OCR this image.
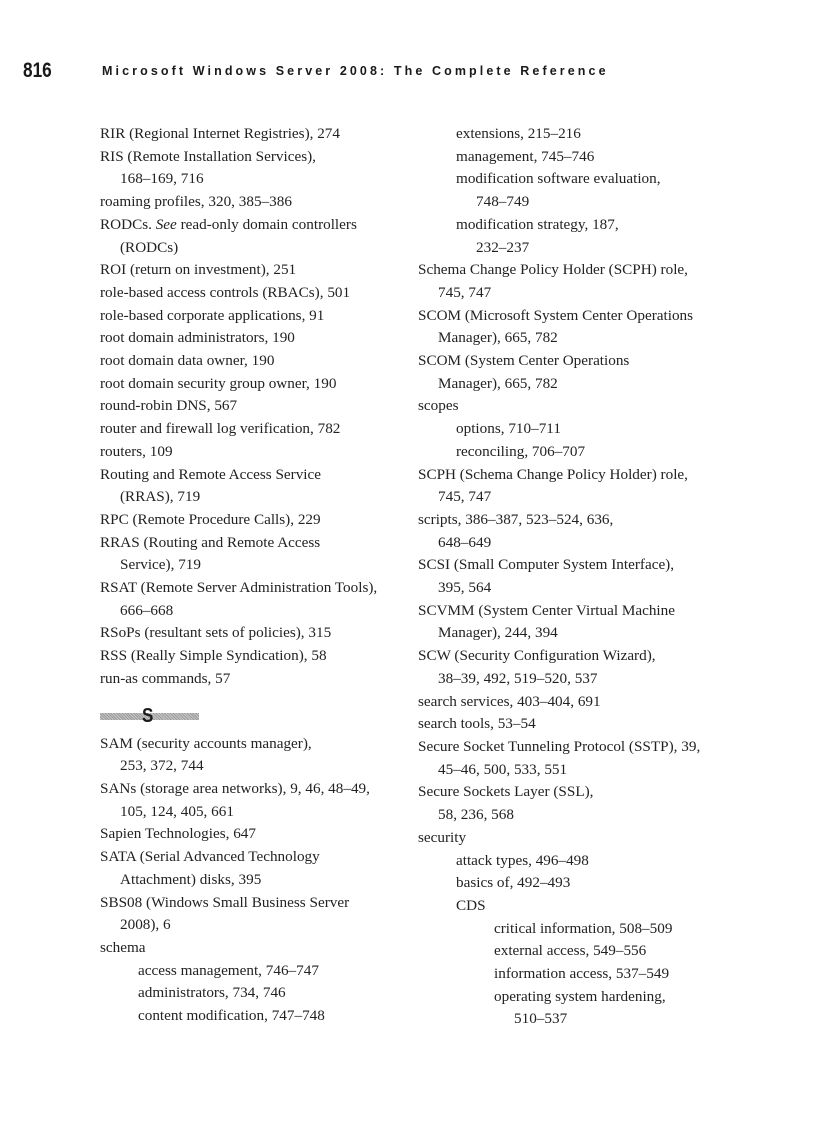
816	Microsoft Windows Server 2008: The Complete Reference
RIR (Regional Internet Registries), 274
RIS (Remote Installation Services),
168–169, 716
roaming profiles, 320, 385–386
RODCs. See read-only domain controllers
(RODCs)
ROI (return on investment), 251
role-based access controls (RBACs), 501
role-based corporate applications, 91
root domain administrators, 190
root domain data owner, 190
root domain security group owner, 190
round-robin DNS, 567
router and firewall log verification, 782
routers, 109
Routing and Remote Access Service
(RRAS), 719
RPC (Remote Procedure Calls), 229
RRAS (Routing and Remote Access
Service), 719
RSAT (Remote Server Administration Tools),
666–668
RSoPs (resultant sets of policies), 315
RSS (Really Simple Syndication), 58
run-as commands, 57
S
SAM (security accounts manager),
253, 372, 744
SANs (storage area networks), 9, 46, 48–49,
105, 124, 405, 661
Sapien Technologies, 647
SATA (Serial Advanced Technology
Attachment) disks, 395
SBS08 (Windows Small Business Server
2008), 6
schema
access management, 746–747
administrators, 734, 746
content modification, 747–748
extensions, 215–216
management, 745–746
modification software evaluation,
748–749
modification strategy, 187,
232–237
Schema Change Policy Holder (SCPH) role,
745, 747
SCOM (Microsoft System Center Operations
Manager), 665, 782
SCOM (System Center Operations
Manager), 665, 782
scopes
options, 710–711
reconciling, 706–707
SCPH (Schema Change Policy Holder) role,
745, 747
scripts, 386–387, 523–524, 636,
648–649
SCSI (Small Computer System Interface),
395, 564
SCVMM (System Center Virtual Machine
Manager), 244, 394
SCW (Security Configuration Wizard),
38–39, 492, 519–520, 537
search services, 403–404, 691
search tools, 53–54
Secure Socket Tunneling Protocol (SSTP), 39,
45–46, 500, 533, 551
Secure Sockets Layer (SSL),
58, 236, 568
security
attack types, 496–498
basics of, 492–493
CDS
critical information, 508–509
external access, 549–556
information access, 537–549
operating system hardening,
510–537
